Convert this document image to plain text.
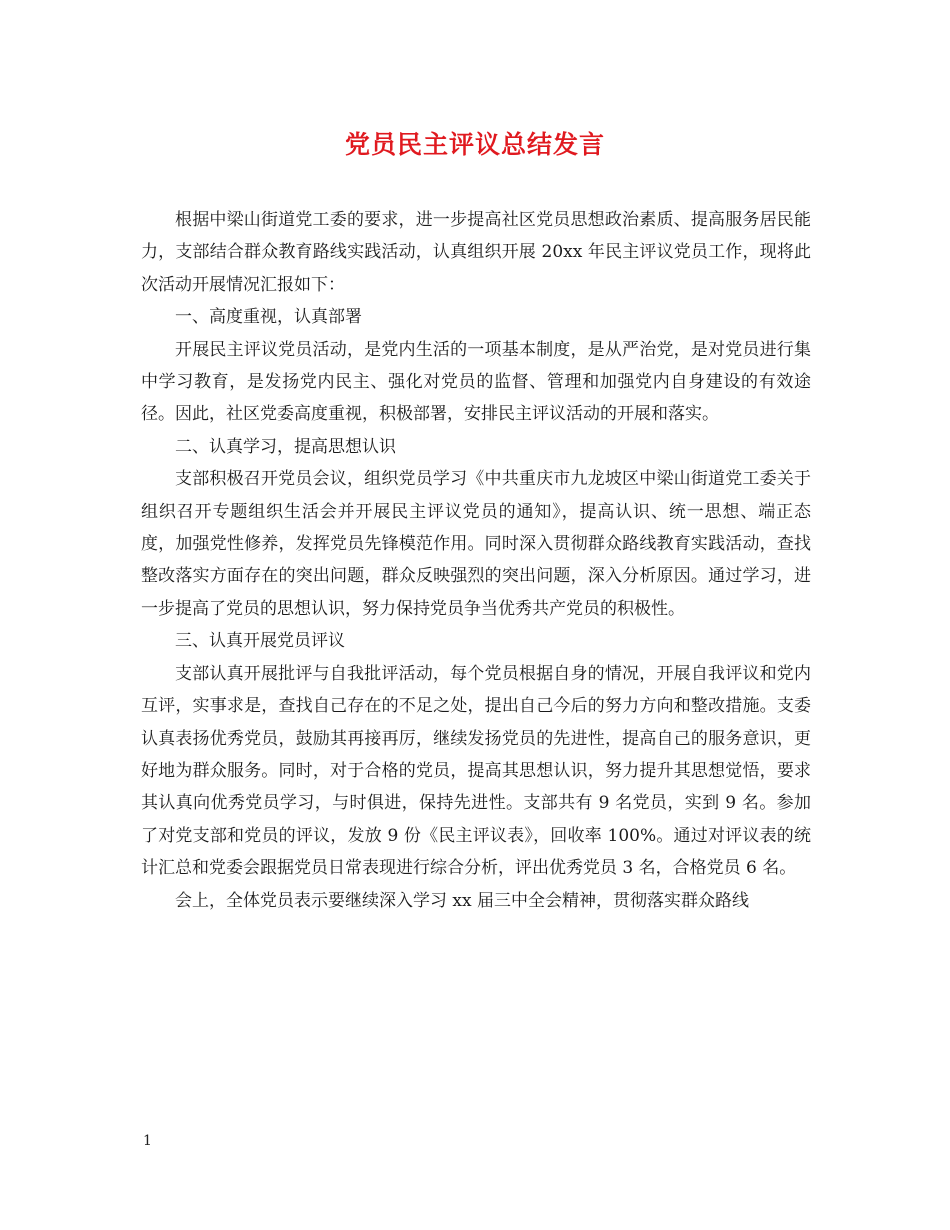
党员民主评议总结发言

根据中梁山街道党工委的要求，进一步提高社区党员思想政治素质、提高服务居民能力，支部结合群众教育路线实践活动，认真组织开展 20xx 年民主评议党员工作，现将此次活动开展情况汇报如下：

一、高度重视，认真部署

开展民主评议党员活动，是党内生活的一项基本制度，是从严治党，是对党员进行集中学习教育，是发扬党内民主、强化对党员的监督、管理和加强党内自身建设的有效途径。因此，社区党委高度重视，积极部署，安排民主评议活动的开展和落实。

二、认真学习，提高思想认识

支部积极召开党员会议，组织党员学习《中共重庆市九龙坡区中梁山街道党工委关于组织召开专题组织生活会并开展民主评议党员的通知》，提高认识、统一思想、端正态度，加强党性修养，发挥党员先锋模范作用。同时深入贯彻群众路线教育实践活动，查找整改落实方面存在的突出问题，群众反映强烈的突出问题，深入分析原因。通过学习，进一步提高了党员的思想认识，努力保持党员争当优秀共产党员的积极性。

三、认真开展党员评议

支部认真开展批评与自我批评活动，每个党员根据自身的情况，开展自我评议和党内互评，实事求是，查找自己存在的不足之处，提出自己今后的努力方向和整改措施。支委认真表扬优秀党员，鼓励其再接再厉，继续发扬党员的先进性，提高自己的服务意识，更好地为群众服务。同时，对于合格的党员，提高其思想认识，努力提升其思想觉悟，要求其认真向优秀党员学习，与时俱进，保持先进性。支部共有 9 名党员，实到 9 名。参加了对党支部和党员的评议，发放 9 份《民主评议表》，回收率 100%。通过对评议表的统计汇总和党委会跟据党员日常表现进行综合分析，评出优秀党员 3 名，合格党员 6 名。

会上，全体党员表示要继续深入学习 xx 届三中全会精神，贯彻落实群众路线

1
